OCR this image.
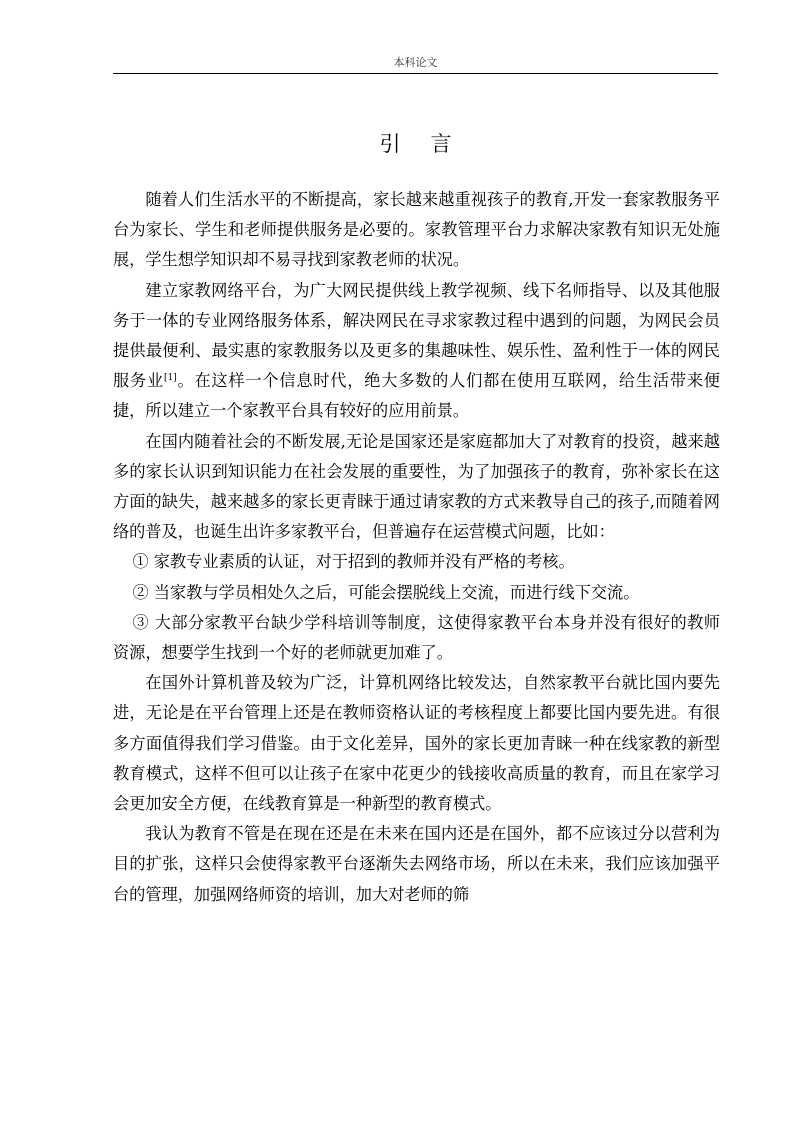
本科论文
引 言

随着人们生活水平的不断提高，家长越来越重视孩子的教育,开发一套家教服务平台为家长、学生和老师提供服务是必要的。家教管理平台力求解决家教有知识无处施展，学生想学知识却不易寻找到家教老师的状况。

建立家教网络平台，为广大网民提供线上教学视频、线下名师指导、以及其他服务于一体的专业网络服务体系，解决网民在寻求家教过程中遇到的问题，为网民会员提供最便利、最实惠的家教服务以及更多的集趣味性、娱乐性、盈利性于一体的网民服务业[1]。在这样一个信息时代，绝大多数的人们都在使用互联网，给生活带来便捷，所以建立一个家教平台具有较好的应用前景。

在国内随着社会的不断发展,无论是国家还是家庭都加大了对教育的投资，越来越多的家长认识到知识能力在社会发展的重要性，为了加强孩子的教育，弥补家长在这方面的缺失，越来越多的家长更青睐于通过请家教的方式来教导自己的孩子,而随着网络的普及，也诞生出许多家教平台，但普遍存在运营模式问题，比如：

① 家教专业素质的认证，对于招到的教师并没有严格的考核。

② 当家教与学员相处久之后，可能会摆脱线上交流，而进行线下交流。

③ 大部分家教平台缺少学科培训等制度，这使得家教平台本身并没有很好的教师资源，想要学生找到一个好的老师就更加难了。

在国外计算机普及较为广泛，计算机网络比较发达，自然家教平台就比国内要先进，无论是在平台管理上还是在教师资格认证的考核程度上都要比国内要先进。有很多方面值得我们学习借鉴。由于文化差异，国外的家长更加青睐一种在线家教的新型教育模式，这样不但可以让孩子在家中花更少的钱接收高质量的教育，而且在家学习会更加安全方便，在线教育算是一种新型的教育模式。

我认为教育不管是在现在还是在未来在国内还是在国外，都不应该过分以营利为目的扩张，这样只会使得家教平台逐渐失去网络市场，所以在未来，我们应该加强平台的管理，加强网络师资的培训，加大对老师的筛
